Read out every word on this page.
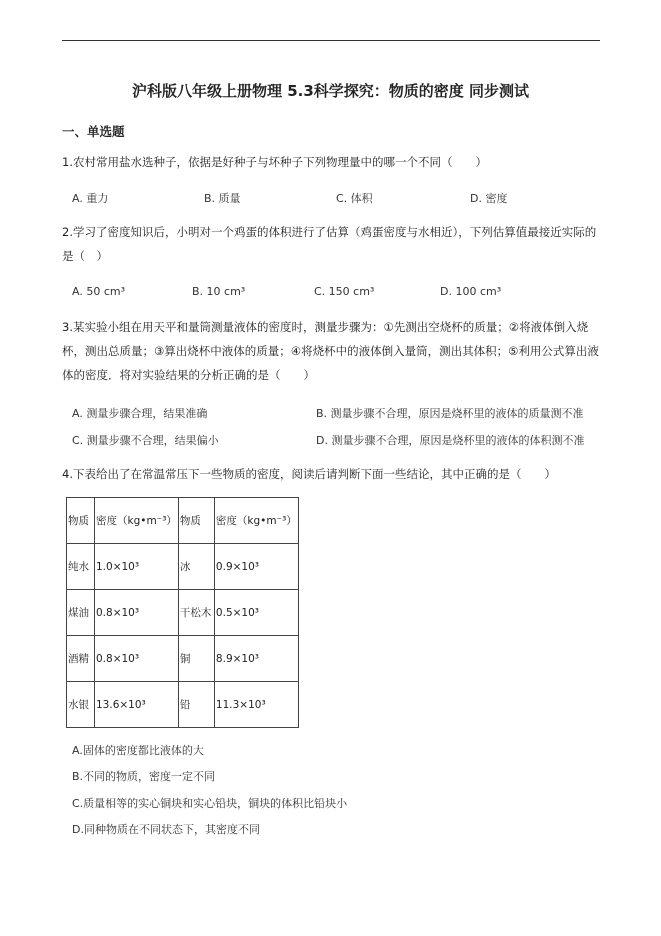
沪科版八年级上册物理 5.3科学探究：物质的密度 同步测试
一、单选题
1.农村常用盐水选种子，依据是好种子与坏种子下列物理量中的哪一个不同（　　）
A. 重力	B. 质量	C. 体积	D. 密度
2.学习了密度知识后，小明对一个鸡蛋的体积进行了估算（鸡蛋密度与水相近），下列估算值最接近实际的是（　）
A. 50 cm³	B. 10 cm³	C. 150 cm³	D. 100 cm³
3.某实验小组在用天平和量筒测量液体的密度时，测量步骤为：①先测出空烧杯的质量；②将液体倒入烧杯，测出总质量；③算出烧杯中液体的质量；④将烧杯中的液体倒入量筒，测出其体积；⑤利用公式算出液体的密度．将对实验结果的分析正确的是（　　）
A. 测量步骤合理，结果准确	B. 测量步骤不合理，原因是烧杯里的液体的质量测不准
C. 测量步骤不合理，结果偏小	D. 测量步骤不合理，原因是烧杯里的液体的体积测不准
4.下表给出了在常温常压下一些物质的密度，阅读后请判断下面一些结论，其中正确的是（　　）
物质	密度（kg•m⁻³）	物质	密度（kg•m⁻³）
纯水	1.0×10³	冰	0.9×10³
煤油	0.8×10³	干松木	0.5×10³
酒精	0.8×10³	铜	8.9×10³
水银	13.6×10³	铅	11.3×10³
A.固体的密度都比液体的大
B.不同的物质，密度一定不同
C.质量相等的实心铜块和实心铅块，铜块的体积比铅块小
D.同种物质在不同状态下，其密度不同
